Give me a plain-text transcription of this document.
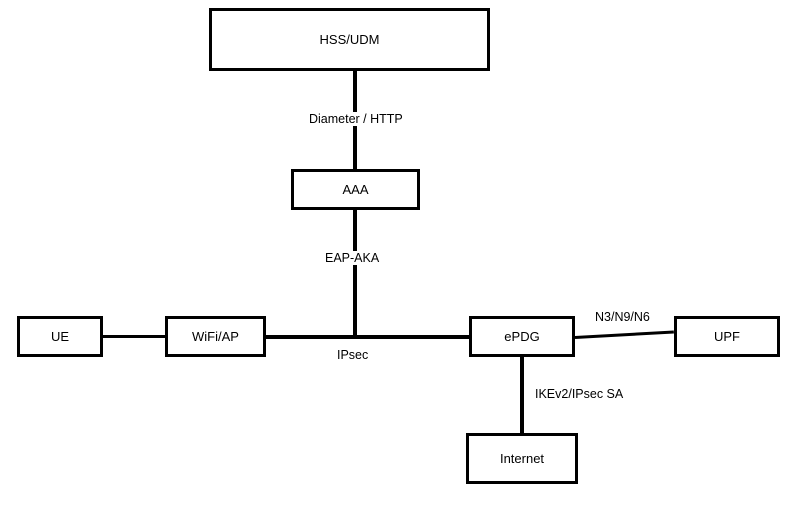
HSS/UDM
AAA
UE	WiFi/AP	ePDG	UPF
Internet
Diameter / HTTP
EAP-AKA
IPsec
N3/N9/N6
IKEv2/IPsec SA
